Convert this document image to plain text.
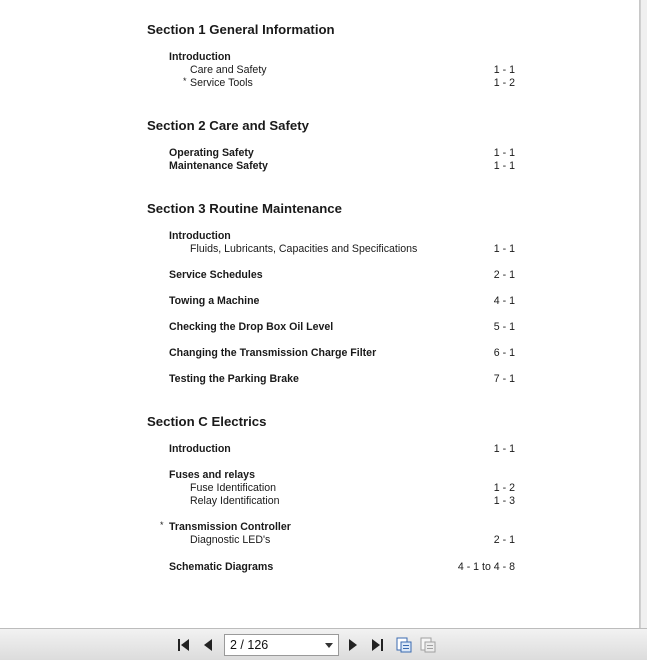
Section 1 General Information
Introduction
Care and Safety	1 - 1
* Service Tools	1 - 2
Section 2 Care and Safety
Operating Safety	1 - 1
Maintenance Safety	1 - 1
Section 3 Routine Maintenance
Introduction
Fluids, Lubricants, Capacities and Specifications	1 - 1
Service Schedules	2 - 1
Towing a Machine	4 - 1
Checking the Drop Box Oil Level	5 - 1
Changing the Transmission Charge Filter	6 - 1
Testing the Parking Brake	7 - 1
Section C Electrics
Introduction	1 - 1
Fuses and relays
Fuse Identification	1 - 2
Relay Identification	1 - 3
* Transmission Controller
Diagnostic LED's	2 - 1
Schematic Diagrams	4 - 1 to 4 - 8
2 / 126
